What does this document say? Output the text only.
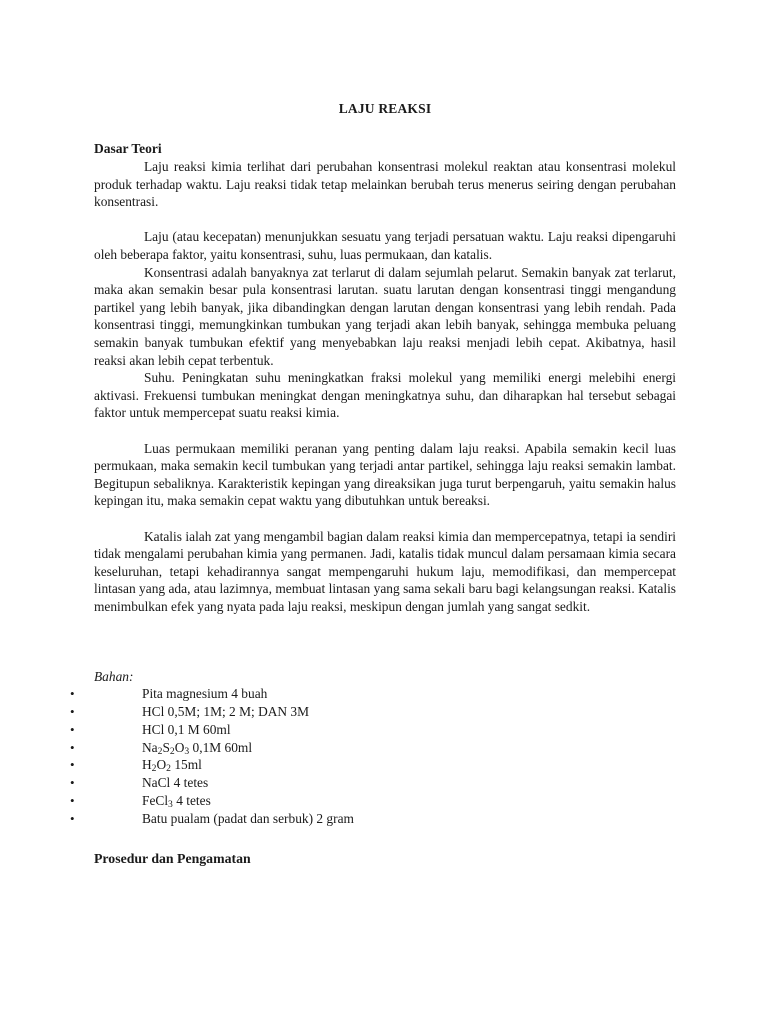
LAJU REAKSI
Dasar Teori

Laju reaksi kimia terlihat dari perubahan konsentrasi molekul reaktan atau konsentrasi molekul produk terhadap waktu. Laju reaksi tidak tetap melainkan berubah terus menerus seiring dengan perubahan konsentrasi.

Laju (atau kecepatan) menunjukkan sesuatu yang terjadi persatuan waktu. Laju reaksi dipengaruhi oleh beberapa faktor, yaitu konsentrasi, suhu, luas permukaan, dan katalis.

Konsentrasi adalah banyaknya zat terlarut di dalam sejumlah pelarut. Semakin banyak zat terlarut, maka akan semakin besar pula konsentrasi larutan. suatu larutan dengan konsentrasi tinggi mengandung partikel yang lebih banyak, jika dibandingkan dengan larutan dengan konsentrasi yang lebih rendah. Pada konsentrasi tinggi, memungkinkan tumbukan yang terjadi akan lebih banyak, sehingga membuka peluang semakin banyak tumbukan efektif yang menyebabkan laju reaksi menjadi lebih cepat. Akibatnya, hasil reaksi akan lebih cepat terbentuk.

Suhu. Peningkatan suhu meningkatkan fraksi molekul yang memiliki energi melebihi energi aktivasi. Frekuensi tumbukan meningkat dengan meningkatnya suhu, dan diharapkan hal tersebut sebagai faktor untuk mempercepat suatu reaksi kimia.

Luas permukaan memiliki peranan yang penting dalam laju reaksi. Apabila semakin kecil luas permukaan, maka semakin kecil tumbukan yang terjadi antar partikel, sehingga laju reaksi semakin lambat. Begitupun sebaliknya. Karakteristik kepingan yang direaksikan juga turut berpengaruh, yaitu semakin halus kepingan itu, maka semakin cepat waktu yang dibutuhkan untuk bereaksi.

Katalis ialah zat yang mengambil bagian dalam reaksi kimia dan mempercepatnya, tetapi ia sendiri tidak mengalami perubahan kimia yang permanen. Jadi, katalis tidak muncul dalam persamaan kimia secara keseluruhan, tetapi kehadirannya sangat mempengaruhi hukum laju, memodifikasi, dan mempercepat lintasan yang ada, atau lazimnya, membuat lintasan yang sama sekali baru bagi kelangsungan reaksi. Katalis menimbulkan efek yang nyata pada laju reaksi, meskipun dengan jumlah yang sangat sedkit.

Bahan:
•	Pita magnesium 4 buah
•	HCl 0,5M; 1M; 2 M; DAN 3M
•	HCl 0,1 M 60ml
•	$Na_2S_2O_3$ 0,1M 60ml
•	$H_2O_2$ 15ml
•	NaCl 4 tetes
•	FeCl$_3$ 4 tetes
•	Batu pualam (padat dan serbuk) 2 gram
Prosedur dan Pengamatan
